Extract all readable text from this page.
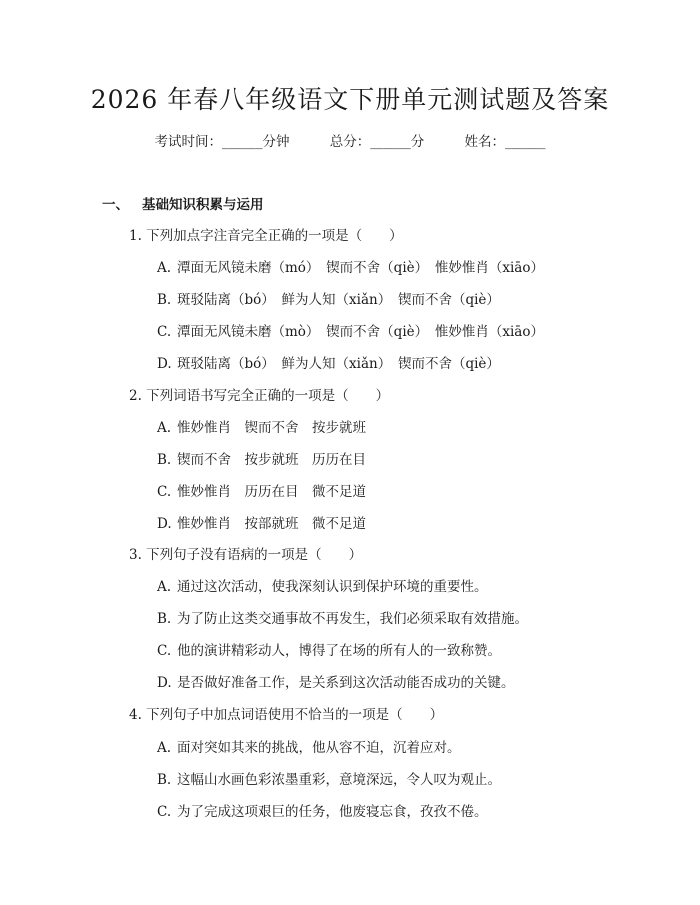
2026 年春八年级语文下册单元测试题及答案
考试时间：______分钟	总分：______分	姓名：______
一、 基础知识积累与运用
1. 下列加点字注音完全正确的一项是（　　）
A. 潭面无风镜未磨（mó）　锲而不舍（qiè）　惟妙惟肖（xiāo）
B. 斑驳陆离（bó）　鲜为人知（xiǎn）　锲而不舍（qiè）
C. 潭面无风镜未磨（mò）　锲而不舍（qiè）　惟妙惟肖（xiāo）
D. 斑驳陆离（bó）　鲜为人知（xiǎn）　锲而不舍（qiè）
2. 下列词语书写完全正确的一项是（　　）
A. 惟妙惟肖　锲而不舍　按步就班
B. 锲而不舍　按步就班　历历在目
C. 惟妙惟肖　历历在目　微不足道
D. 惟妙惟肖　按部就班　微不足道
3. 下列句子没有语病的一项是（　　）
A. 通过这次活动，使我深刻认识到保护环境的重要性。
B. 为了防止这类交通事故不再发生，我们必须采取有效措施。
C. 他的演讲精彩动人，博得了在场的所有人的一致称赞。
D. 是否做好准备工作，是关系到这次活动能否成功的关键。
4. 下列句子中加点词语使用不恰当的一项是（　　）
A. 面对突如其来的挑战，他从容不迫，沉着应对。
B. 这幅山水画色彩浓墨重彩，意境深远，令人叹为观止。
C. 为了完成这项艰巨的任务，他废寝忘食，孜孜不倦。
